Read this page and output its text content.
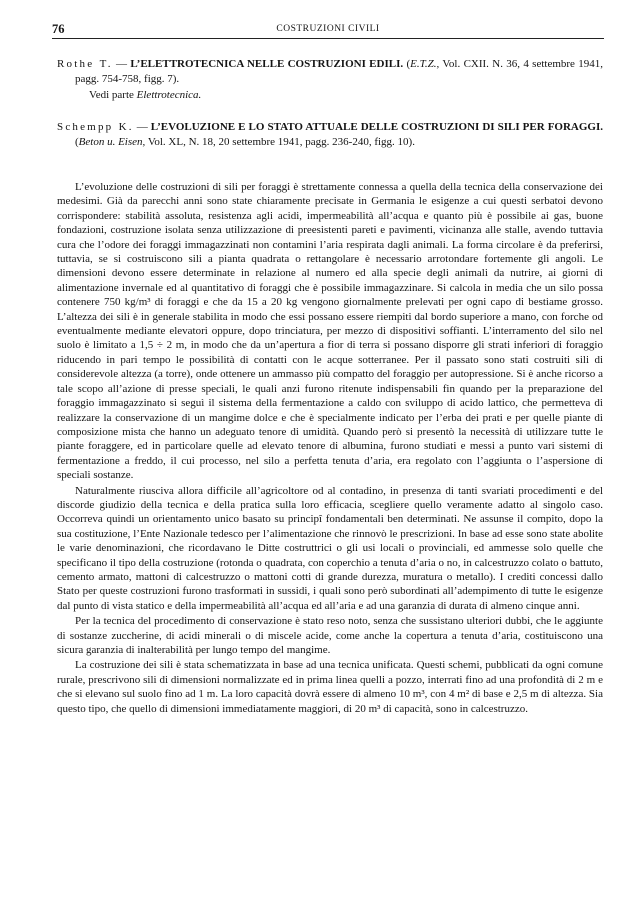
76	COSTRUZIONI CIVILI

Rothe T. — L’ELETTROTECNICA NELLE COSTRUZIONI EDILI. (E.T.Z., Vol. CXII. N. 36, 4 settembre 1941, pagg. 754-758, figg. 7).

Vedi parte Elettrotecnica.

Schempp K. — L’EVOLUZIONE E LO STATO ATTUALE DELLE COSTRUZIONI DI SILI PER FORAGGI. (Beton u. Eisen, Vol. XL, N. 18, 20 settembre 1941, pagg. 236-240, figg. 10).

L’evoluzione delle costruzioni di sili per foraggi è strettamente connessa a quella della tecnica della conservazione dei medesimi. Già da parecchi anni sono state chiaramente precisate in Germania le esigenze a cui questi serbatoi devono corrispondere: stabilità assoluta, resistenza agli acidi, impermeabilità all’acqua e quanto più è possibile ai gas, buone fondazioni, costruzione isolata senza utilizzazione di preesistenti pareti e pavimenti, vicinanza alle stalle, avendo tuttavia cura che l’odore dei foraggi immagazzinati non contamini l’aria respirata dagli animali. La forma circolare è da preferirsi, tuttavia, se si costruiscono sili a pianta quadrata o rettangolare è necessario arrotondare fortemente gli angoli. Le dimensioni devono essere determinate in relazione al numero ed alla specie degli animali da nutrire, ai giorni di alimentazione invernale ed al quantitativo di foraggi che è possibile immagazzinare. Si calcola in media che un silo possa contenere 750 kg/m³ di foraggi e che da 15 a 20 kg vengono giornalmente prelevati per ogni capo di bestiame grosso. L’altezza dei sili è in generale stabilita in modo che essi possano essere riempiti dal bordo superiore a mano, con forche od eventualmente mediante elevatori oppure, dopo trinciatura, per mezzo di dispositivi soffianti. L’interramento del silo nel suolo è limitato a 1,5 ÷ 2 m, in modo che da un’apertura a fior di terra si possano disporre gli strati inferiori di foraggio riducendo in pari tempo le possibilità di contatti con le acque sotterranee. Per il passato sono stati costruiti sili di considerevole altezza (a torre), onde ottenere un ammasso più compatto del foraggio per autopressione. Si è anche ricorso a tale scopo all’azione di presse speciali, le quali anzi furono ritenute indispensabili fin quando per la preparazione del foraggio immagazzinato si seguì il sistema della fermentazione a caldo con sviluppo di acido lattico, che permetteva di realizzare la conservazione di un mangime dolce e che è specialmente indicato per l’erba dei prati e per quelle piante di composizione mista che hanno un adeguato tenore di umidità. Quando però si presentò la necessità di utilizzare tutte le piante foraggere, ed in particolare quelle ad elevato tenore di albumina, furono studiati e messi a punto vari sistemi di fermentazione a freddo, il cui processo, nel silo a perfetta tenuta d’aria, era regolato con l’aggiunta o l’aspersione di speciali sostanze.

Naturalmente riusciva allora difficile all’agricoltore od al contadino, in presenza di tanti svariati procedimenti e del discorde giudizio della tecnica e della pratica sulla loro efficacia, scegliere quello veramente adatto al singolo caso. Occorreva quindi un orientamento unico basato su principî fondamentali ben determinati. Ne assunse il compito, dopo la sua costituzione, l’Ente Nazionale tedesco per l’alimentazione che rinnovò le prescrizioni. In base ad esse sono state abolite le varie denominazioni, che ricordavano le Ditte costruttrici o gli usi locali o provinciali, ed ammesse solo quelle che specificano il tipo della costruzione (rotonda o quadrata, con coperchio a tenuta d’aria o no, in calcestruzzo colato o battuto, cemento armato, mattoni di calcestruzzo o mattoni cotti di grande durezza, muratura o metallo). I crediti concessi dallo Stato per queste costruzioni furono trasformati in sussidi, i quali sono però subordinati all’adempimento di tutte le esigenze dal punto di vista statico e della impermeabilità all’acqua ed all’aria e ad una garanzia di durata di almeno cinque anni.

Per la tecnica del procedimento di conservazione è stato reso noto, senza che sussistano ulteriori dubbi, che le aggiunte di sostanze zuccherine, di acidi minerali o di miscele acide, come anche la copertura a tenuta d’aria, costituiscono una sicura garanzia di inalterabilità per lungo tempo del mangime.

La costruzione dei sili è stata schematizzata in base ad una tecnica unificata. Questi schemi, pubblicati da ogni comune rurale, prescrivono sili di dimensioni normalizzate ed in prima linea quelli a pozzo, interrati fino ad una profondità di 2 m e che si elevano sul suolo fino ad 1 m. La loro capacità dovrà essere di almeno 10 m³, con 4 m² di base e 2,5 m di altezza. Sia questo tipo, che quello di dimensioni immediatamente maggiori, di 20 m³ di capacità, sono in calcestruzzo.
